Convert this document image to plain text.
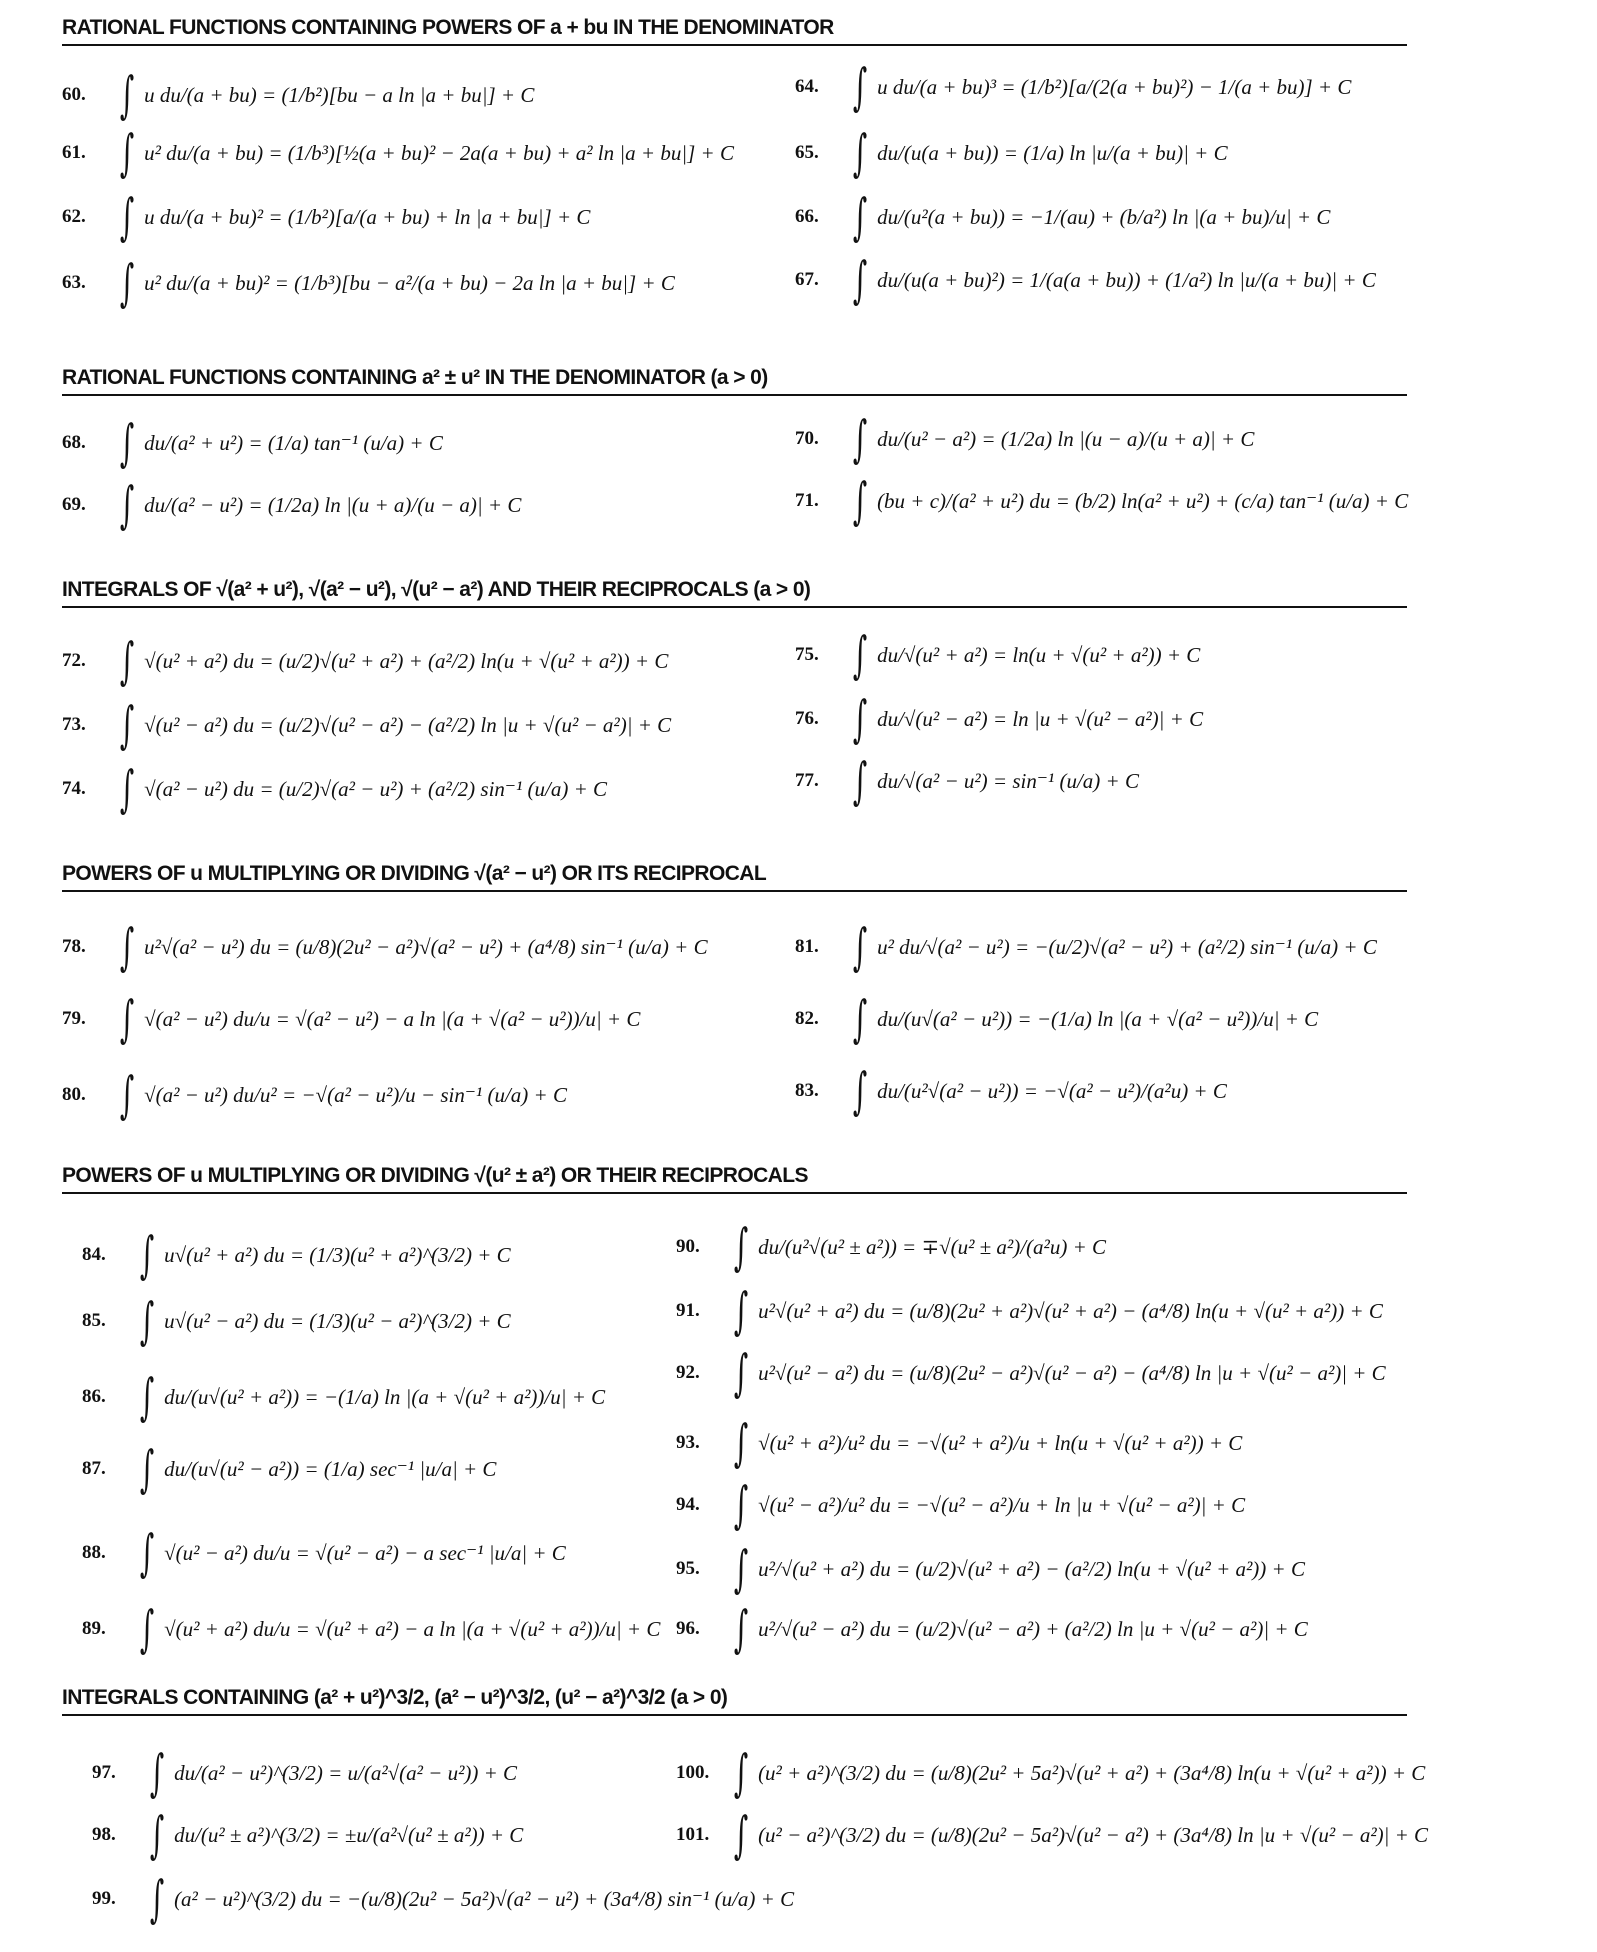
RATIONAL FUNCTIONS CONTAINING POWERS OF a + bu IN THE DENOMINATOR
60. ∫ u du/(a + bu) = (1/b²)[bu − a ln |a + bu|] + C
61. ∫ u² du/(a + bu) = (1/b³)[½(a + bu)² − 2a(a + bu) + a² ln |a + bu|] + C
62. ∫ u du/(a + bu)² = (1/b²)[a/(a + bu) + ln |a + bu|] + C
63. ∫ u² du/(a + bu)² = (1/b³)[bu − a²/(a + bu) − 2a ln |a + bu|] + C
64. ∫ u du/(a + bu)³ = (1/b²)[a/(2(a + bu)²) − 1/(a + bu)] + C
65. ∫ du/(u(a + bu)) = (1/a) ln |u/(a + bu)| + C
66. ∫ du/(u²(a + bu)) = −1/(au) + (b/a²) ln |(a + bu)/u| + C
67. ∫ du/(u(a + bu)²) = 1/(a(a + bu)) + (1/a²) ln |u/(a + bu)| + C
RATIONAL FUNCTIONS CONTAINING a² ± u² IN THE DENOMINATOR (a > 0)
68. ∫ du/(a² + u²) = (1/a) tan⁻¹ (u/a) + C
69. ∫ du/(a² − u²) = (1/2a) ln |(u + a)/(u − a)| + C
70. ∫ du/(u² − a²) = (1/2a) ln |(u − a)/(u + a)| + C
71. ∫ (bu + c)/(a² + u²) du = (b/2) ln(a² + u²) + (c/a) tan⁻¹ (u/a) + C
INTEGRALS OF √(a² + u²), √(a² − u²), √(u² − a²) AND THEIR RECIPROCALS (a > 0)
72. ∫ √(u² + a²) du = (u/2)√(u² + a²) + (a²/2) ln(u + √(u² + a²)) + C
73. ∫ √(u² − a²) du = (u/2)√(u² − a²) − (a²/2) ln |u + √(u² − a²)| + C
74. ∫ √(a² − u²) du = (u/2)√(a² − u²) + (a²/2) sin⁻¹ (u/a) + C
75. ∫ du/√(u² + a²) = ln(u + √(u² + a²)) + C
76. ∫ du/√(u² − a²) = ln |u + √(u² − a²)| + C
77. ∫ du/√(a² − u²) = sin⁻¹ (u/a) + C
POWERS OF u MULTIPLYING OR DIVIDING √(a² − u²) OR ITS RECIPROCAL
78. ∫ u²√(a² − u²) du = (u/8)(2u² − a²)√(a² − u²) + (a⁴/8) sin⁻¹ (u/a) + C
79. ∫ √(a² − u²) du/u = √(a² − u²) − a ln |(a + √(a² − u²))/u| + C
80. ∫ √(a² − u²) du/u² = −√(a² − u²)/u − sin⁻¹ (u/a) + C
81. ∫ u² du/√(a² − u²) = −(u/2)√(a² − u²) + (a²/2) sin⁻¹ (u/a) + C
82. ∫ du/(u√(a² − u²)) = −(1/a) ln |(a + √(a² − u²))/u| + C
83. ∫ du/(u²√(a² − u²)) = −√(a² − u²)/(a²u) + C
POWERS OF u MULTIPLYING OR DIVIDING √(u² ± a²) OR THEIR RECIPROCALS
84. ∫ u√(u² + a²) du = (1/3)(u² + a²)^(3/2) + C
85. ∫ u√(u² − a²) du = (1/3)(u² − a²)^(3/2) + C
86. ∫ du/(u√(u² + a²)) = −(1/a) ln |(a + √(u² + a²))/u| + C
87. ∫ du/(u√(u² − a²)) = (1/a) sec⁻¹ |u/a| + C
88. ∫ √(u² − a²) du/u = √(u² − a²) − a sec⁻¹ |u/a| + C
89. ∫ √(u² + a²) du/u = √(u² + a²) − a ln |(a + √(u² + a²))/u| + C
90. ∫ du/(u²√(u² ± a²)) = ∓√(u² ± a²)/(a²u) + C
91. ∫ u²√(u² + a²) du = (u/8)(2u² + a²)√(u² + a²) − (a⁴/8) ln(u + √(u² + a²)) + C
92. ∫ u²√(u² − a²) du = (u/8)(2u² − a²)√(u² − a²) − (a⁴/8) ln |u + √(u² − a²)| + C
93. ∫ √(u² + a²)/u² du = −√(u² + a²)/u + ln(u + √(u² + a²)) + C
94. ∫ √(u² − a²)/u² du = −√(u² − a²)/u + ln |u + √(u² − a²)| + C
95. ∫ u²/√(u² + a²) du = (u/2)√(u² + a²) − (a²/2) ln(u + √(u² + a²)) + C
96. ∫ u²/√(u² − a²) du = (u/2)√(u² − a²) + (a²/2) ln |u + √(u² − a²)| + C
INTEGRALS CONTAINING (a² + u²)^3/2, (a² − u²)^3/2, (u² − a²)^3/2 (a > 0)
97. ∫ du/(a² − u²)^(3/2) = u/(a²√(a² − u²)) + C
98. ∫ du/(u² ± a²)^(3/2) = ±u/(a²√(u² ± a²)) + C
99. ∫ (a² − u²)^(3/2) du = −(u/8)(2u² − 5a²)√(a² − u²) + (3a⁴/8) sin⁻¹ (u/a) + C
100. ∫ (u² + a²)^(3/2) du = (u/8)(2u² + 5a²)√(u² + a²) + (3a⁴/8) ln(u + √(u² + a²)) + C
101. ∫ (u² − a²)^(3/2) du = (u/8)(2u² − 5a²)√(u² − a²) + (3a⁴/8) ln |u + √(u² − a²)| + C
